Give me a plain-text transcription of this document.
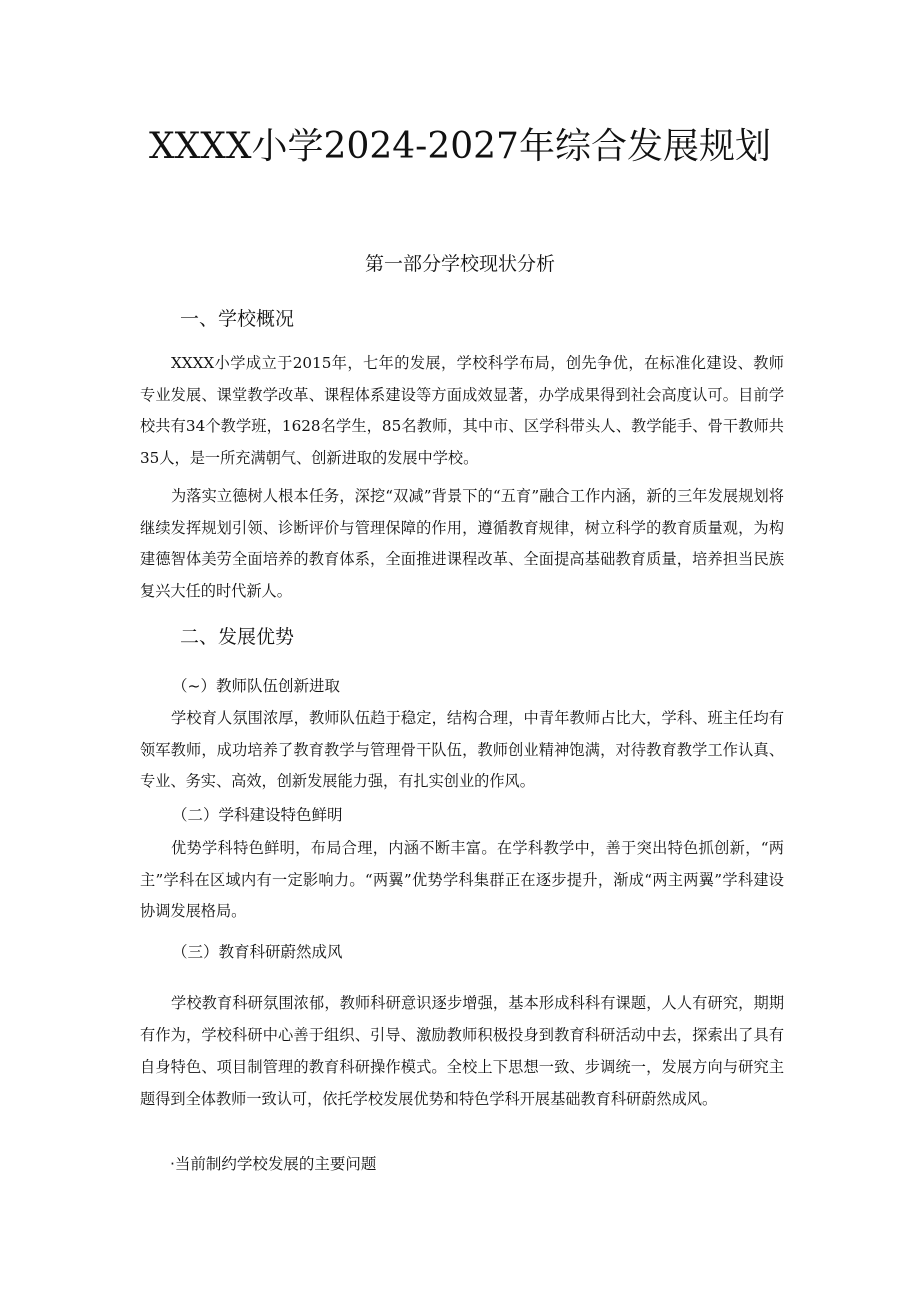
XXXX小学2024-2027年综合发展规划
第一部分学校现状分析
一、学校概况

XXXX小学成立于2015年，七年的发展，学校科学布局，创先争优，在标准化建设、教师专业发展、课堂教学改革、课程体系建设等方面成效显著，办学成果得到社会高度认可。目前学校共有34个教学班，1628名学生，85名教师，其中市、区学科带头人、教学能手、骨干教师共35人，是一所充满朝气、创新进取的发展中学校。

为落实立德树人根本任务，深挖“双减”背景下的“五育”融合工作内涵，新的三年发展规划将继续发挥规划引领、诊断评价与管理保障的作用，遵循教育规律，树立科学的教育质量观，为构建德智体美劳全面培养的教育体系，全面推进课程改革、全面提高基础教育质量，培养担当民族复兴大任的时代新人。

二、发展优势
（~）教师队伍创新进取

学校育人氛围浓厚，教师队伍趋于稳定，结构合理，中青年教师占比大，学科、班主任均有领军教师，成功培养了教育教学与管理骨干队伍，教师创业精神饱满，对待教育教学工作认真、专业、务实、高效，创新发展能力强，有扎实创业的作风。

（二）学科建设特色鲜明

优势学科特色鲜明，布局合理，内涵不断丰富。在学科教学中，善于突出特色抓创新，“两主”学科在区域内有一定影响力。“两翼”优势学科集群正在逐步提升，渐成“两主两翼”学科建设协调发展格局。

（三）教育科研蔚然成风

学校教育科研氛围浓郁，教师科研意识逐步增强，基本形成科科有课题，人人有研究，期期有作为，学校科研中心善于组织、引导、激励教师积极投身到教育科研活动中去，探索出了具有自身特色、项目制管理的教育科研操作模式。全校上下思想一致、步调统一，发展方向与研究主题得到全体教师一致认可，依托学校发展优势和特色学科开展基础教育科研蔚然成风。

·当前制约学校发展的主要问题
